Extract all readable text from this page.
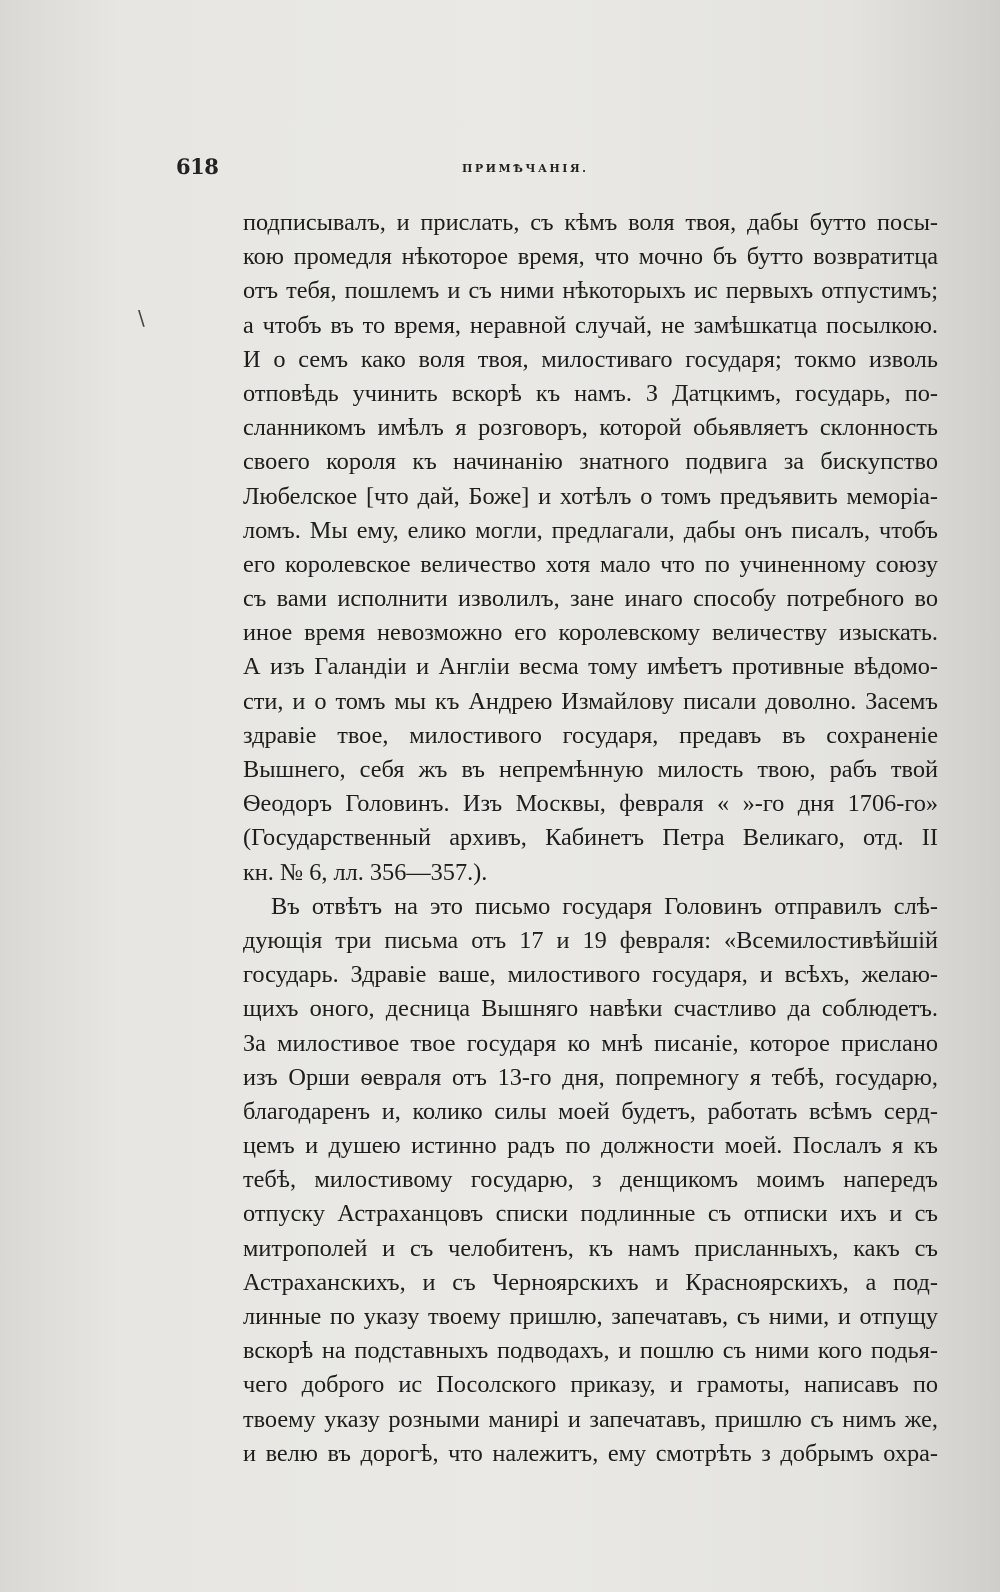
618	ПРИМѢЧАНІЯ.
\
подписывалъ, и прислать, съ кѣмъ воля твоя, дабы бутто посы-
кою промедля нѣкоторое время, что мочно бъ бутто возвратитца
отъ тебя, пошлемъ и съ ними нѣкоторыхъ ис первыхъ отпустимъ;
а чтобъ въ то время, неравной случай, не замѣшкатца посылкою.
И о семъ како воля твоя, милостиваго государя; токмо изволь
отповѣдь учинить вскорѣ къ намъ. З Датцкимъ, государь, по-
сланникомъ имѣлъ я розговоръ, которой обьявляетъ склонность
своего короля къ начинанію знатного подвига за бискупство
Любелское [что дай, Боже] и хотѣлъ о томъ предъявить меморіа-
ломъ. Мы ему, елико могли, предлагали, дабы онъ писалъ, чтобъ
его королевское величество хотя мало что по учиненному союзу
съ вами исполнити изволилъ, зане инаго способу потребного во
иное время невозможно его королевскому величеству изыскать.
А изъ Галандіи и Англіи весма тому имѣетъ противные вѣдомо-
сти, и о томъ мы къ Андрею Измайлову писали доволно. Засемъ
здравіе твое, милостивого государя, предавъ въ сохраненіе
Вышнего, себя жъ въ непремѣнную милость твою, рабъ твой
Ѳеодоръ Головинъ. Изъ Москвы, февраля « »-го дня 1706-го»
(Государственный архивъ, Кабинетъ Петра Великаго, отд. II
кн. № 6, лл. 356—357.).
Въ отвѣтъ на это письмо государя Головинъ отправилъ слѣ-
дующія три письма отъ 17 и 19 февраля: «Всемилостивѣйшій
государь. Здравіе ваше, милостивого государя, и всѣхъ, желаю-
щихъ оного, десница Вышняго навѣки счастливо да соблюдетъ.
За милостивое твое государя ко мнѣ писаніе, которое прислано
изъ Орши ѳевраля отъ 13-го дня, попремногу я тебѣ, государю,
благодаренъ и, колико силы моей будетъ, работать всѣмъ серд-
цемъ и душею истинно радъ по должности моей. Послалъ я къ
тебѣ, милостивому государю, з денщикомъ моимъ напередъ
отпуску Астраханцовъ списки подлинные съ отписки ихъ и съ
митрополей и съ челобитенъ, къ намъ присланныхъ, какъ съ
Астраханскихъ, и съ Черноярскихъ и Красноярскихъ, а под-
линные по указу твоему пришлю, запечатавъ, съ ними, и отпущу
вскорѣ на подставныхъ подводахъ, и пошлю съ ними кого подья-
чего доброго ис Посолского приказу, и грамоты, написавъ по
твоему указу розными манирі и запечатавъ, пришлю съ нимъ же,
и велю въ дорогѣ, что належитъ, ему смотрѣть з добрымъ охра-
